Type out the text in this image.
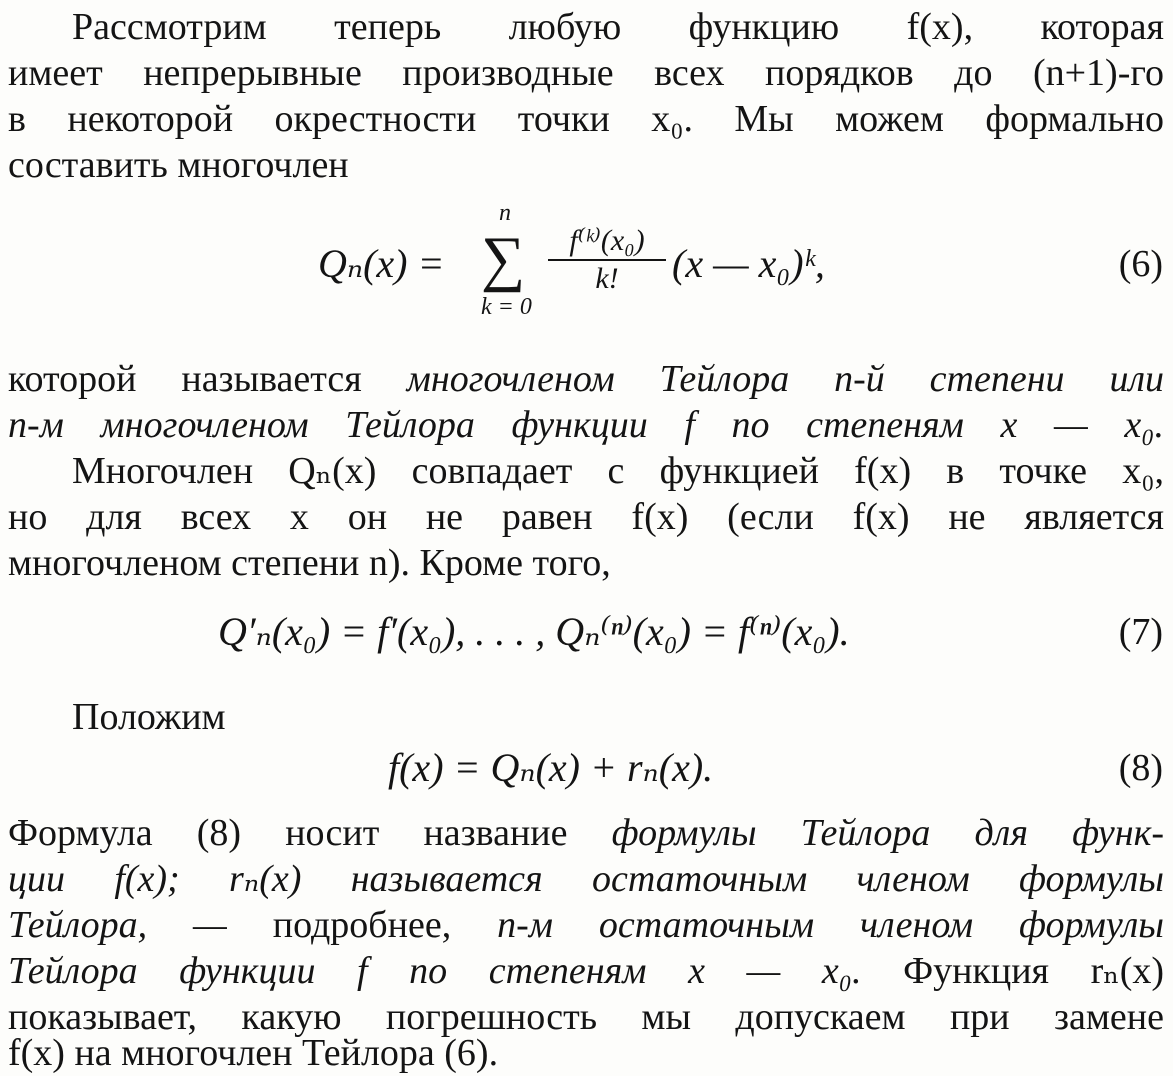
Рассмотрим теперь любую функцию f(x), которая
имеет непрерывные производные всех порядков до (n+1)-го
в некоторой окрестности точки x₀. Мы можем формально
составить многочлен
Qₙ(x) =
n
∑
k = 0
f⁽ᵏ⁾(x₀)
k!	(x — x₀)ᵏ,	(6)
которой называется многочленом Тейлора n-й степени или
n-м многочленом Тейлора функции f по степеням x — x₀.
Многочлен Qₙ(x) совпадает с функцией f(x) в точке x₀,
но для всех x он не равен f(x) (если f(x) не является
многочленом степени n). Кроме того,
Q′ₙ(x₀) = f′(x₀), . . . , Qₙ⁽ⁿ⁾(x₀) = f⁽ⁿ⁾(x₀).	(7)
Положим
f(x) = Qₙ(x) + rₙ(x).	(8)
Формула (8) носит название формулы Тейлора для функ-
ции f(x); rₙ(x) называется остаточным членом формулы
Тейлора, — подробнее, n-м остаточным членом формулы
Тейлора функции f по степеням x — x₀. Функция rₙ(x)
показывает, какую погрешность мы допускаем при замене
f(x) на многочлен Тейлора (6).
